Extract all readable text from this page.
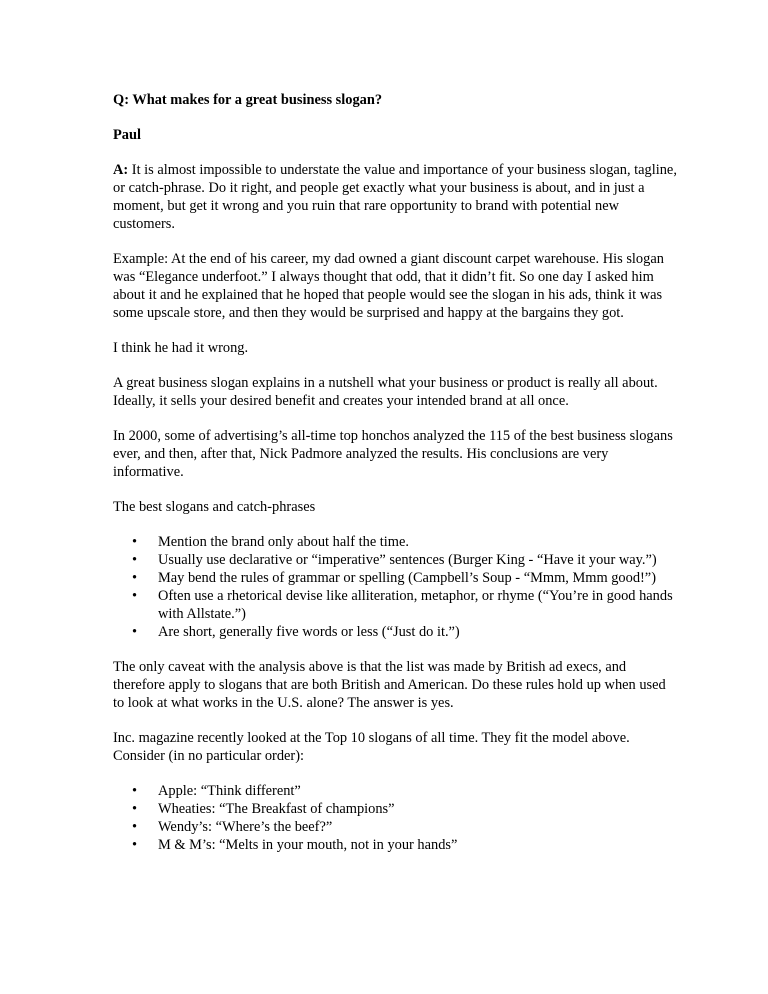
Q: What makes for a great business slogan?

Paul

A: It is almost impossible to understate the value and importance of your business slogan, tagline, or catch-phrase. Do it right, and people get exactly what your business is about, and in just a moment, but get it wrong and you ruin that rare opportunity to brand with potential new customers.

Example: At the end of his career, my dad owned a giant discount carpet warehouse. His slogan was “Elegance underfoot.” I always thought that odd, that it didn’t fit. So one day I asked him about it and he explained that he hoped that people would see the slogan in his ads, think it was some upscale store, and then they would be surprised and happy at the bargains they got.

I think he had it wrong.

A great business slogan explains in a nutshell what your business or product is really all about. Ideally, it sells your desired benefit and creates your intended brand at all once.

In 2000, some of advertising’s all-time top honchos analyzed the 115 of the best business slogans ever, and then, after that, Nick Padmore analyzed the results. His conclusions are very informative.

The best slogans and catch-phrases

• Mention the brand only about half the time.
• Usually use declarative or “imperative” sentences (Burger King - “Have it your way.”)
• May bend the rules of grammar or spelling (Campbell’s Soup - “Mmm, Mmm good!”)
• Often use a rhetorical devise like alliteration, metaphor, or rhyme (“You’re in good hands with Allstate.”)
• Are short, generally five words or less (“Just do it.”)

The only caveat with the analysis above is that the list was made by British ad execs, and therefore apply to slogans that are both British and American. Do these rules hold up when used to look at what works in the U.S. alone? The answer is yes.

Inc. magazine recently looked at the Top 10 slogans of all time. They fit the model above. Consider (in no particular order):

• Apple: “Think different”
• Wheaties: “The Breakfast of champions”
• Wendy’s: “Where’s the beef?”
• M & M’s: “Melts in your mouth, not in your hands”
